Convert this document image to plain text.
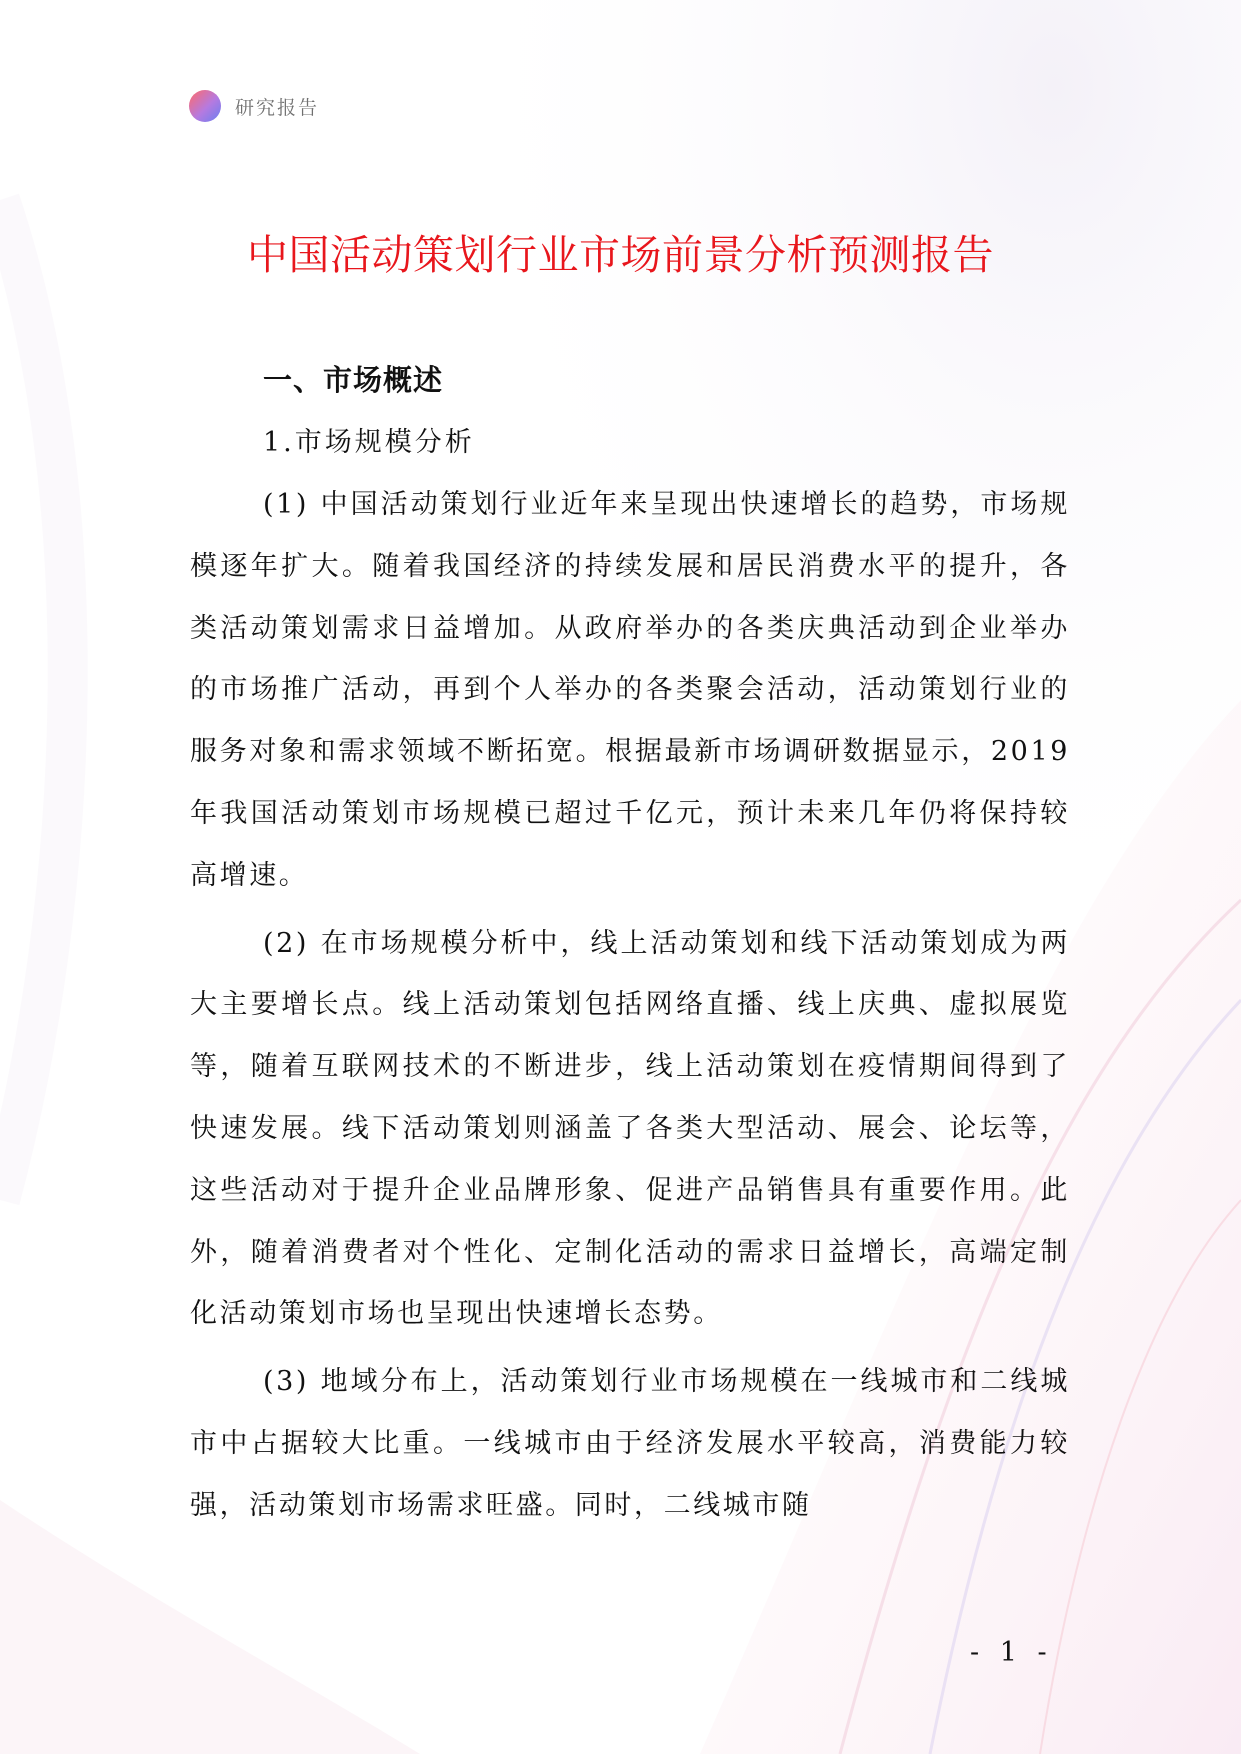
研究报告
中国活动策划行业市场前景分析预测报告
一、市场概述
1.市场规模分析

(1) 中国活动策划行业近年来呈现出快速增长的趋势，市场规模逐年扩大。随着我国经济的持续发展和居民消费水平的提升，各类活动策划需求日益增加。从政府举办的各类庆典活动到企业举办的市场推广活动，再到个人举办的各类聚会活动，活动策划行业的服务对象和需求领域不断拓宽。根据最新市场调研数据显示，2019年我国活动策划市场规模已超过千亿元，预计未来几年仍将保持较高增速。

(2) 在市场规模分析中，线上活动策划和线下活动策划成为两大主要增长点。线上活动策划包括网络直播、线上庆典、虚拟展览等，随着互联网技术的不断进步，线上活动策划在疫情期间得到了快速发展。线下活动策划则涵盖了各类大型活动、展会、论坛等，这些活动对于提升企业品牌形象、促进产品销售具有重要作用。此外，随着消费者对个性化、定制化活动的需求日益增长，高端定制化活动策划市场也呈现出快速增长态势。

(3) 地域分布上，活动策划行业市场规模在一线城市和二线城市中占据较大比重。一线城市由于经济发展水平较高，消费能力较强，活动策划市场需求旺盛。同时，二线城市随

- 1 -
